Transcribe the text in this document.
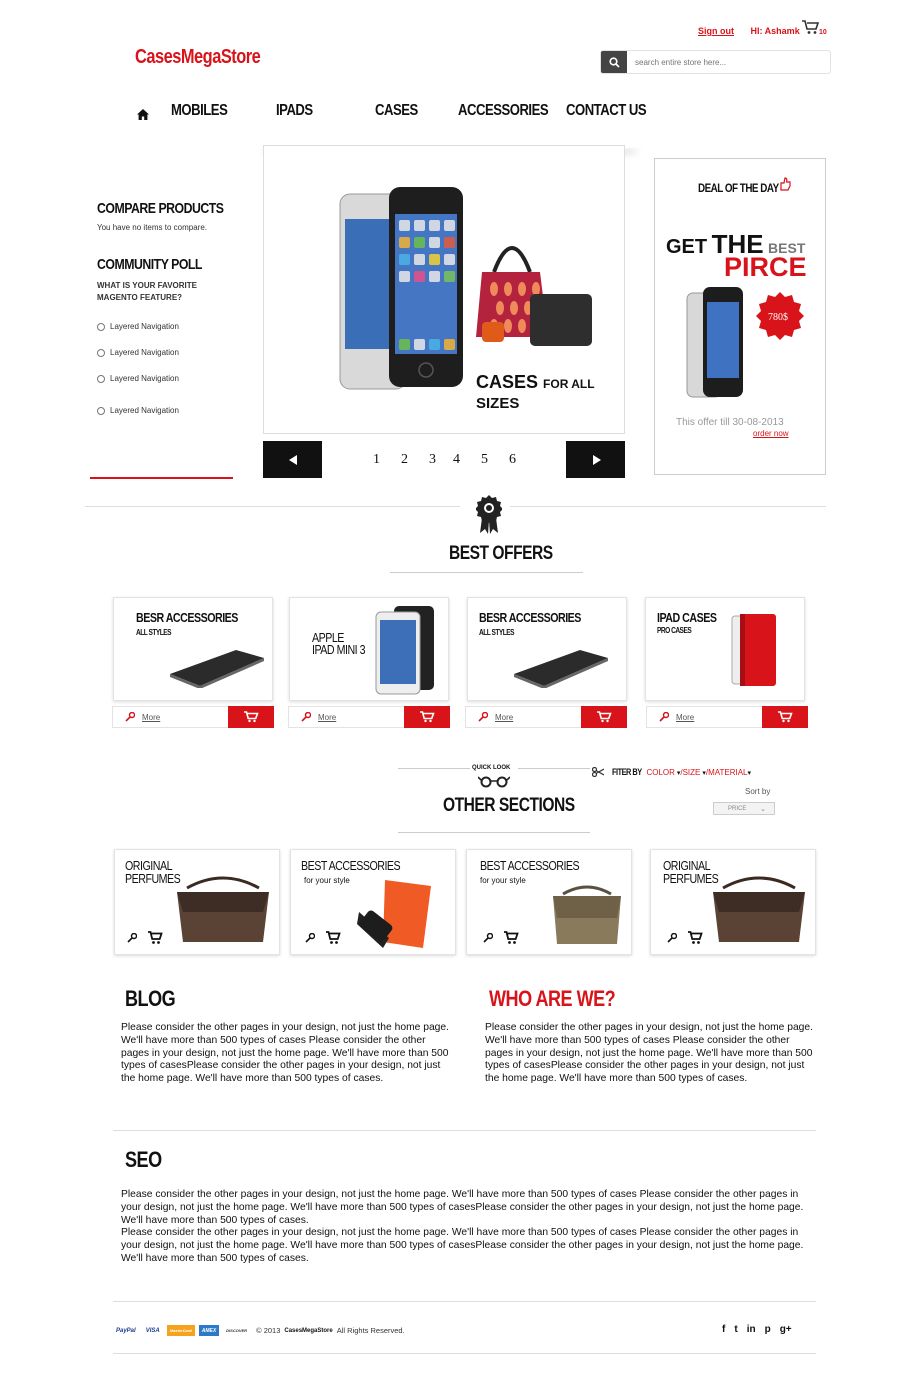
Sign out HI: Ashamk	10
CasesMegaStore
search entire store here...
MOBILES	IPADS	CASES	ACCESSORIES CONTACT US
COMPARE PRODUCTS
You have no items to compare.
COMMUNITY POLL
WHAT IS YOUR FAVORITE MAGENTO FEATURE?
Layered Navigation
Layered Navigation
Layered Navigation
Layered Navigation
CASES FOR ALL
SIZES
1 2 3 4 5 6
DEAL OF THE DAY
GET THE BEST
PIRCE
780$
This offer till 30-08-2013
order now
BEST OFFERS
BESR ACCESSORIES
ALL STYLES
More
APPLE
IPAD MINI 3
More
BESR ACCESSORIES
ALL STYLES
More
IPAD CASES
PRO CASES
More
QUICK LOOK
OTHER SECTIONS
FITER BY COLOR ▾/SIZE ▾/MATERIAL▾
Sort by
PRICE ⌄
ORIGINAL
PERFUMES
BEST ACCESSORIES
for your style
BEST ACCESSORIES
for your style
ORIGINAL
PERFUMES
BLOG

Please consider the other pages in your design, not just the home page. We'll have more than 500 types of cases Please consider the other pages in your design, not just the home page. We'll have more than 500 types of casesPlease consider the other pages in your design, not just the home page. We'll have more than 500 types of cases.

WHO ARE WE?

Please consider the other pages in your design, not just the home page. We'll have more than 500 types of cases Please consider the other pages in your design, not just the home page. We'll have more than 500 types of casesPlease consider the other pages in your design, not just the home page. We'll have more than 500 types of cases.

SEO

Please consider the other pages in your design, not just the home page. We'll have more than 500 types of cases Please consider the other pages in your design, not just the home page. We'll have more than 500 types of casesPlease consider the other pages in your design, not just the home page. We'll have more than 500 types of cases.

Please consider the other pages in your design, not just the home page. We'll have more than 500 types of cases Please consider the other pages in your design, not just the home page. We'll have more than 500 types of casesPlease consider the other pages in your design, not just the home page. We'll have more than 500 types of cases.

PayPal	VISA	MasterCard	AMEX	DISCOVER	© 2013 CasesMegaStore All Rights Reserved.	f t in p g+
